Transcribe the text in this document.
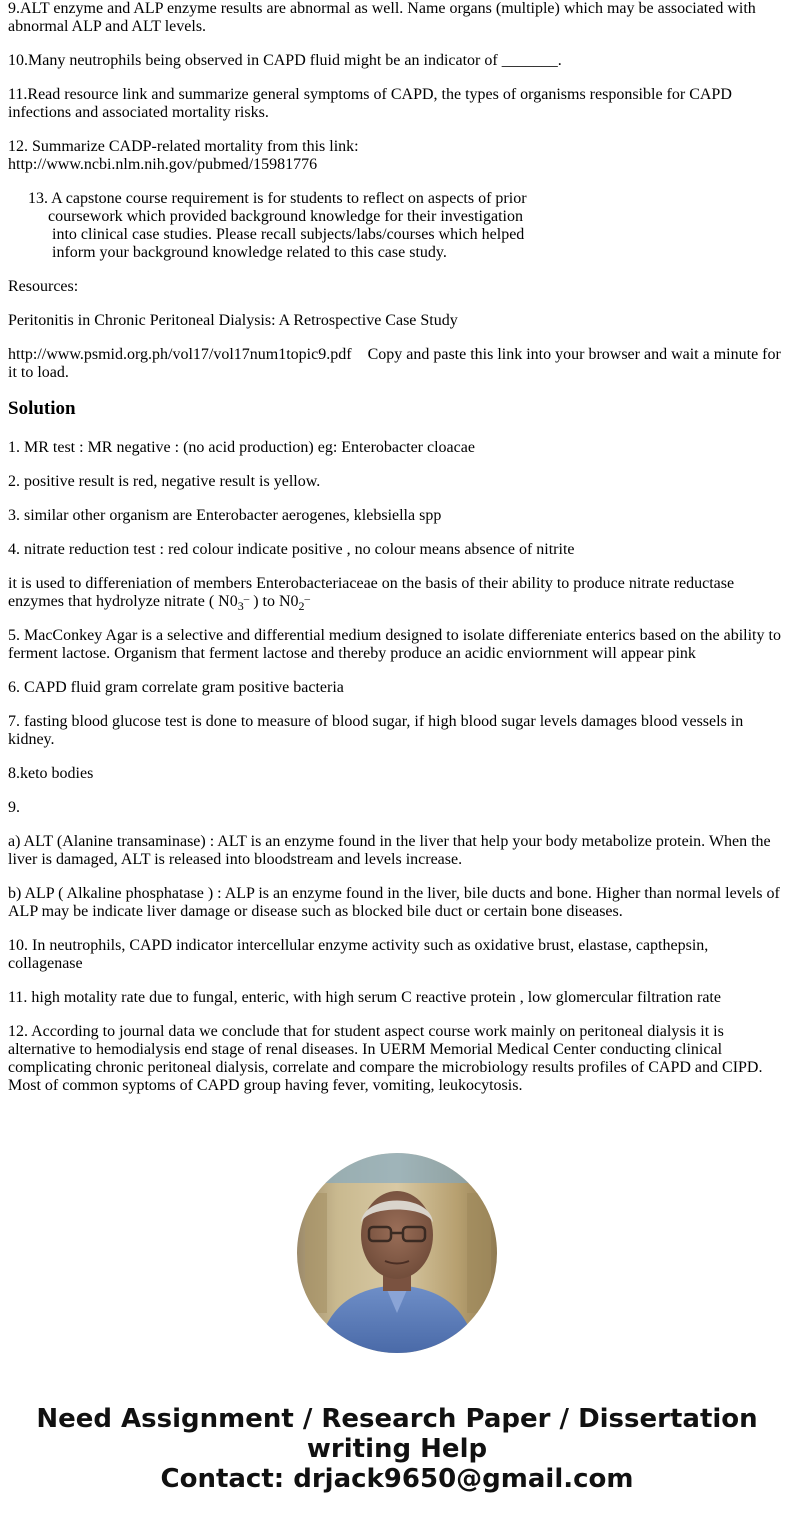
9.ALT enzyme and ALP enzyme results are abnormal as well. Name organs (multiple) which may be associated with abnormal ALP and ALT levels.

10.Many neutrophils being observed in CAPD fluid might be an indicator of _______.

11.Read resource link and summarize general symptoms of CAPD, the types of organisms responsible for CAPD infections and associated mortality risks.

12. Summarize CADP-related mortality from this link:
http://www.ncbi.nlm.nih.gov/pubmed/15981776

13. A capstone course requirement is for students to reflect on aspects of prior
coursework which provided background knowledge for their investigation
into clinical case studies. Please recall subjects/labs/courses which helped
inform your background knowledge related to this case study.

Resources:

Peritonitis in Chronic Peritoneal Dialysis: A Retrospective Case Study

http://www.psmid.org.ph/vol17/vol17num1topic9.pdf Copy and paste this link into your browser and wait a minute for it to load.

Solution

1. MR test : MR negative : (no acid production) eg: Enterobacter cloacae

2. positive result is red, negative result is yellow.

3. similar other organism are Enterobacter aerogenes, klebsiella spp

4. nitrate reduction test : red colour indicate positive , no colour means absence of nitrite

it is used to differeniation of members Enterobacteriaceae on the basis of their ability to produce nitrate reductase enzymes that hydrolyze nitrate ( $N0_3^-$ ) to $N0_2^-$

5. MacConkey Agar is a selective and differential medium designed to isolate differeniate enterics based on the ability to ferment lactose. Organism that ferment lactose and thereby produce an acidic enviornment will appear pink

6. CAPD fluid gram correlate gram positive bacteria

7. fasting blood glucose test is done to measure of blood sugar, if high blood sugar levels damages blood vessels in kidney.

8.keto bodies

9.

a) ALT (Alanine transaminase) : ALT is an enzyme found in the liver that help your body metabolize protein. When the liver is damaged, ALT is released into bloodstream and levels increase.

b) ALP ( Alkaline phosphatase ) : ALP is an enzyme found in the liver, bile ducts and bone. Higher than normal levels of ALP may be indicate liver damage or disease such as blocked bile duct or certain bone diseases.

10. In neutrophils, CAPD indicator intercellular enzyme activity such as oxidative brust, elastase, capthepsin, collagenase

11. high motality rate due to fungal, enteric, with high serum C reactive protein , low glomercular filtration rate

12. According to journal data we conclude that for student aspect course work mainly on peritoneal dialysis it is alternative to hemodialysis end stage of renal diseases. In UERM Memorial Medical Center conducting clinical complicating chronic peritoneal dialysis, correlate and compare the microbiology results profiles of CAPD and CIPD. Most of common syptoms of CAPD group having fever, vomiting, leukocytosis.

Need Assignment / Research Paper / Dissertation
writing Help
Contact: drjack9650@gmail.com
